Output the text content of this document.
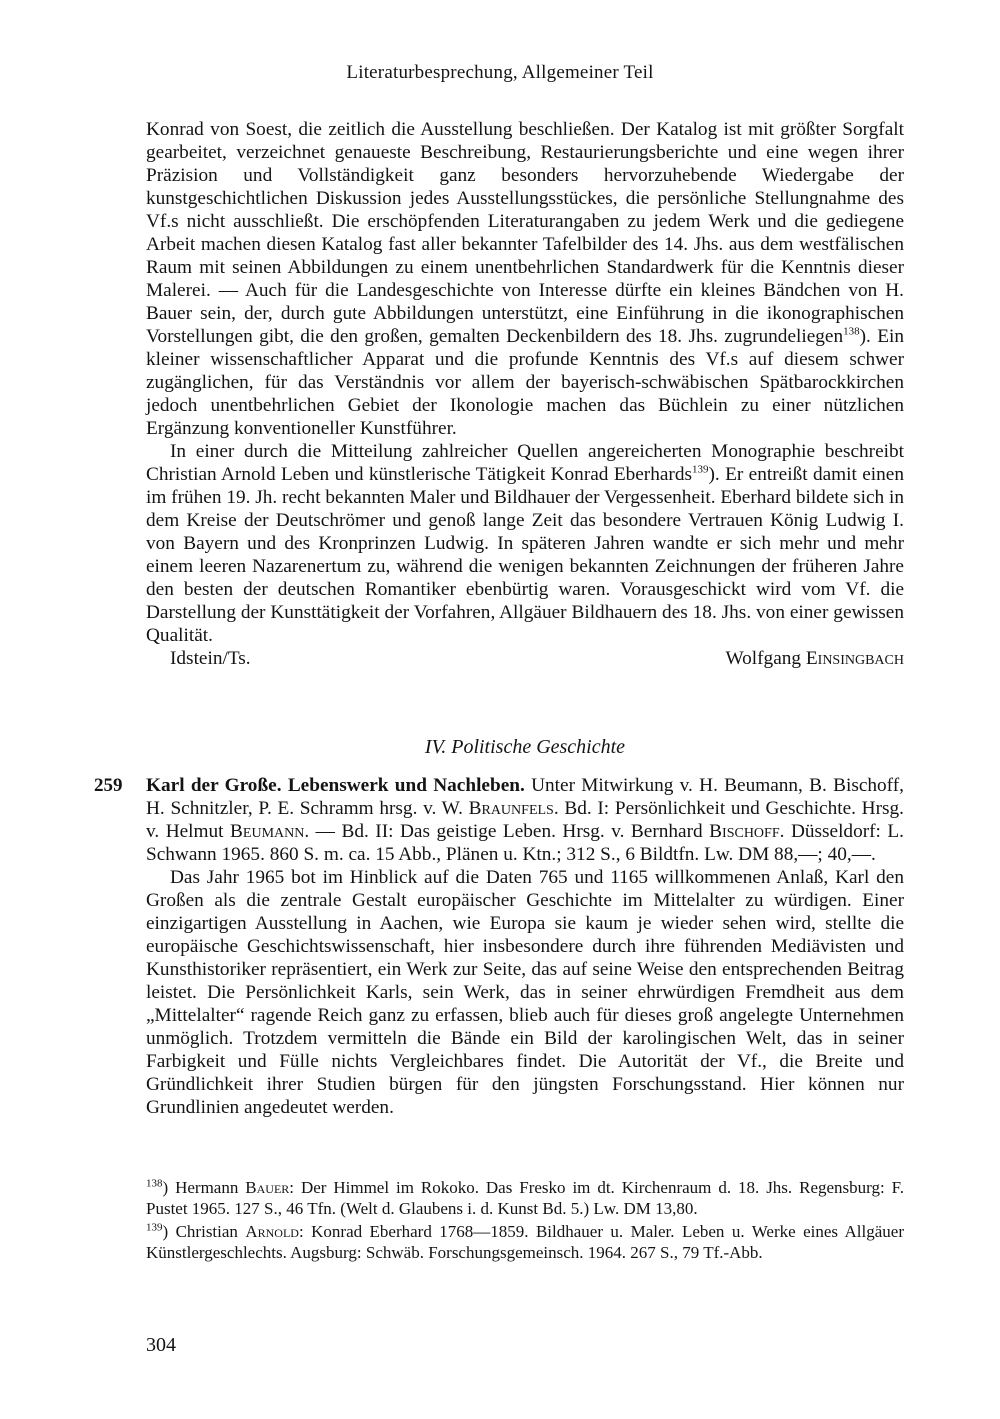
Literaturbesprechung, Allgemeiner Teil

Konrad von Soest, die zeitlich die Ausstellung beschließen. Der Katalog ist mit größter Sorgfalt gearbeitet, verzeichnet genaueste Beschreibung, Restaurierungsberichte und eine wegen ihrer Präzision und Vollständigkeit ganz besonders hervorzuhebende Wiedergabe der kunstgeschichtlichen Diskussion jedes Ausstellungsstückes, die persönliche Stellungnahme des Vf.s nicht ausschließt. Die erschöpfenden Literaturangaben zu jedem Werk und die gediegene Arbeit machen diesen Katalog fast aller bekannter Tafelbilder des 14. Jhs. aus dem westfälischen Raum mit seinen Abbildungen zu einem unentbehrlichen Standardwerk für die Kenntnis dieser Malerei. — Auch für die Landesgeschichte von Interesse dürfte ein kleines Bändchen von H. Bauer sein, der, durch gute Abbildungen unterstützt, eine Einführung in die ikonographischen Vorstellungen gibt, die den großen, gemalten Deckenbildern des 18. Jhs. zugrundeliegen$^{138}$). Ein kleiner wissenschaftlicher Apparat und die profunde Kenntnis des Vf.s auf diesem schwer zugänglichen, für das Verständnis vor allem der bayerisch-schwäbischen Spätbarockkirchen jedoch unentbehrlichen Gebiet der Ikonologie machen das Büchlein zu einer nützlichen Ergänzung konventioneller Kunstführer.

In einer durch die Mitteilung zahlreicher Quellen angereicherten Monographie beschreibt Christian Arnold Leben und künstlerische Tätigkeit Konrad Eberhards$^{139}$). Er entreißt damit einen im frühen 19. Jh. recht bekannten Maler und Bildhauer der Vergessenheit. Eberhard bildete sich in dem Kreise der Deutschrömer und genoß lange Zeit das besondere Vertrauen König Ludwig I. von Bayern und des Kronprinzen Ludwig. In späteren Jahren wandte er sich mehr und mehr einem leeren Nazarenertum zu, während die wenigen bekannten Zeichnungen der früheren Jahre den besten der deutschen Romantiker ebenbürtig waren. Vorausgeschickt wird vom Vf. die Darstellung der Kunsttätigkeit der Vorfahren, Allgäuer Bildhauern des 18. Jhs. von einer gewissen Qualität.

Idstein/Ts.	Wolfgang Einsingbach
IV. Politische Geschichte
259 Karl der Große. Lebenswerk und Nachleben. Unter Mitwirkung v. H. Beumann, B. Bischoff, H. Schnitzler, P. E. Schramm hrsg. v. W. Braunfels. Bd. I: Persönlichkeit und Geschichte. Hrsg. v. Helmut Beumann. — Bd. II: Das geistige Leben. Hrsg. v. Bernhard Bischoff. Düsseldorf: L. Schwann 1965. 860 S. m. ca. 15 Abb., Plänen u. Ktn.; 312 S., 6 Bildtfn. Lw. DM 88,—; 40,—.

Das Jahr 1965 bot im Hinblick auf die Daten 765 und 1165 willkommenen Anlaß, Karl den Großen als die zentrale Gestalt europäischer Geschichte im Mittelalter zu würdigen. Einer einzigartigen Ausstellung in Aachen, wie Europa sie kaum je wieder sehen wird, stellte die europäische Geschichtswissenschaft, hier insbesondere durch ihre führenden Mediävisten und Kunsthistoriker repräsentiert, ein Werk zur Seite, das auf seine Weise den entsprechenden Beitrag leistet. Die Persönlichkeit Karls, sein Werk, das in seiner ehrwürdigen Fremdheit aus dem „Mittelalter“ ragende Reich ganz zu erfassen, blieb auch für dieses groß angelegte Unternehmen unmöglich. Trotzdem vermitteln die Bände ein Bild der karolingischen Welt, das in seiner Farbigkeit und Fülle nichts Vergleichbares findet. Die Autorität der Vf., die Breite und Gründlichkeit ihrer Studien bürgen für den jüngsten Forschungsstand. Hier können nur Grundlinien angedeutet werden.

$^{138}$) Hermann Bauer: Der Himmel im Rokoko. Das Fresko im dt. Kirchenraum d. 18. Jhs. Regensburg: F. Pustet 1965. 127 S., 46 Tfn. (Welt d. Glaubens i. d. Kunst Bd. 5.) Lw. DM 13,80.

$^{139}$) Christian Arnold: Konrad Eberhard 1768—1859. Bildhauer u. Maler. Leben u. Werke eines Allgäuer Künstlergeschlechts. Augsburg: Schwäb. Forschungsgemeinsch. 1964. 267 S., 79 Tf.-Abb.

304
